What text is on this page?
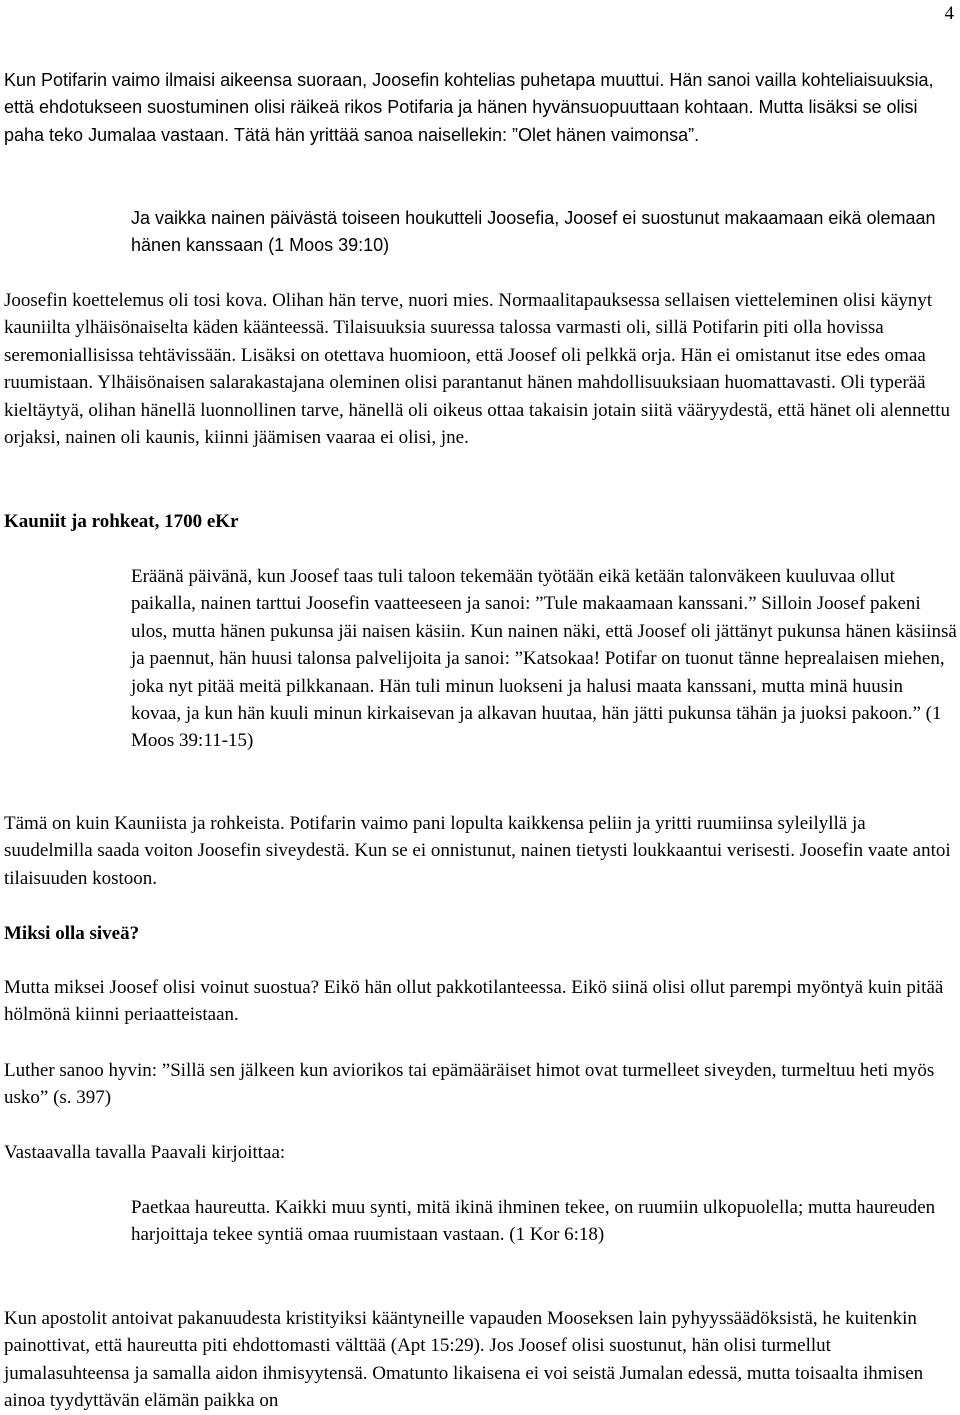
4

Kun Potifarin vaimo ilmaisi aikeensa suoraan, Joosefin kohtelias puhetapa muuttui. Hän sanoi vailla kohteliaisuuksia, että ehdotukseen suostuminen olisi räikeä rikos Potifaria ja hänen hyvänsuopuuttaan kohtaan. Mutta lisäksi se olisi paha teko Jumalaa vastaan. Tätä hän yrittää sanoa naisellekin: ”Olet hänen vaimonsa”.

Ja vaikka nainen päivästä toiseen houkutteli Joosefia, Joosef ei suostunut makaamaan eikä olemaan hänen kanssaan (1 Moos 39:10)

Joosefin koettelemus oli tosi kova. Olihan hän terve, nuori mies. Normaalitapauksessa sellaisen vietteleminen olisi käynyt kauniilta ylhäisönaiselta käden käänteessä. Tilaisuuksia suuressa talossa varmasti oli, sillä Potifarin piti olla hovissa seremoniallisissa tehtävissään. Lisäksi on otettava huomioon, että Joosef oli pelkkä orja. Hän ei omistanut itse edes omaa ruumistaan. Ylhäisönaisen salarakastajana oleminen olisi parantanut hänen mahdollisuuksiaan huomattavasti. Oli typerää kieltäytyä, olihan hänellä luonnollinen tarve, hänellä oli oikeus ottaa takaisin jotain siitä vääryydestä, että hänet oli alennettu orjaksi, nainen oli kaunis, kiinni jäämisen vaaraa ei olisi, jne.

Kauniit ja rohkeat, 1700 eKr

Eräänä päivänä, kun Joosef taas tuli taloon tekemään työtään eikä ketään talonväkeen kuuluvaa ollut paikalla, nainen tarttui Joosefin vaatteeseen ja sanoi: ”Tule makaamaan kanssani.” Silloin Joosef pakeni ulos, mutta hänen pukunsa jäi naisen käsiin. Kun nainen näki, että Joosef oli jättänyt pukunsa hänen käsiinsä ja paennut, hän huusi talonsa palvelijoita ja sanoi: ”Katsokaa! Potifar on tuonut tänne heprealaisen miehen, joka nyt pitää meitä pilkkanaan. Hän tuli minun luokseni ja halusi maata kanssani, mutta minä huusin kovaa, ja kun hän kuuli minun kirkaisevan ja alkavan huutaa, hän jätti pukunsa tähän ja juoksi pakoon.” (1 Moos 39:11-15)

Tämä on kuin Kauniista ja rohkeista. Potifarin vaimo pani lopulta kaikkensa peliin ja yritti ruumiinsa syleilyllä ja suudelmilla saada voiton Joosefin siveydestä. Kun se ei onnistunut, nainen tietysti loukkaantui verisesti. Joosefin vaate antoi tilaisuuden kostoon.

Miksi olla siveä?

Mutta miksei Joosef olisi voinut suostua? Eikö hän ollut pakkotilanteessa. Eikö siinä olisi ollut parempi myöntyä kuin pitää hölmönä kiinni periaatteistaan.

Luther sanoo hyvin: ”Sillä sen jälkeen kun aviorikos tai epämääräiset himot ovat turmelleet siveyden, turmeltuu heti myös usko” (s. 397)

Vastaavalla tavalla Paavali kirjoittaa:

Paetkaa haureutta. Kaikki muu synti, mitä ikinä ihminen tekee, on ruumiin ulkopuolella; mutta haureuden harjoittaja tekee syntiä omaa ruumistaan vastaan. (1 Kor 6:18)

Kun apostolit antoivat pakanuudesta kristityiksi kääntyneille vapauden Mooseksen lain pyhyyssäädöksistä, he kuitenkin painottivat, että haureutta piti ehdottomasti välttää (Apt 15:29). Jos Joosef olisi suostunut, hän olisi turmellut jumalasuhteensa ja samalla aidon ihmisyytensä. Omatunto likaisena ei voi seistä Jumalan edessä, mutta toisaalta ihmisen ainoa tyydyttävän elämän paikka on
